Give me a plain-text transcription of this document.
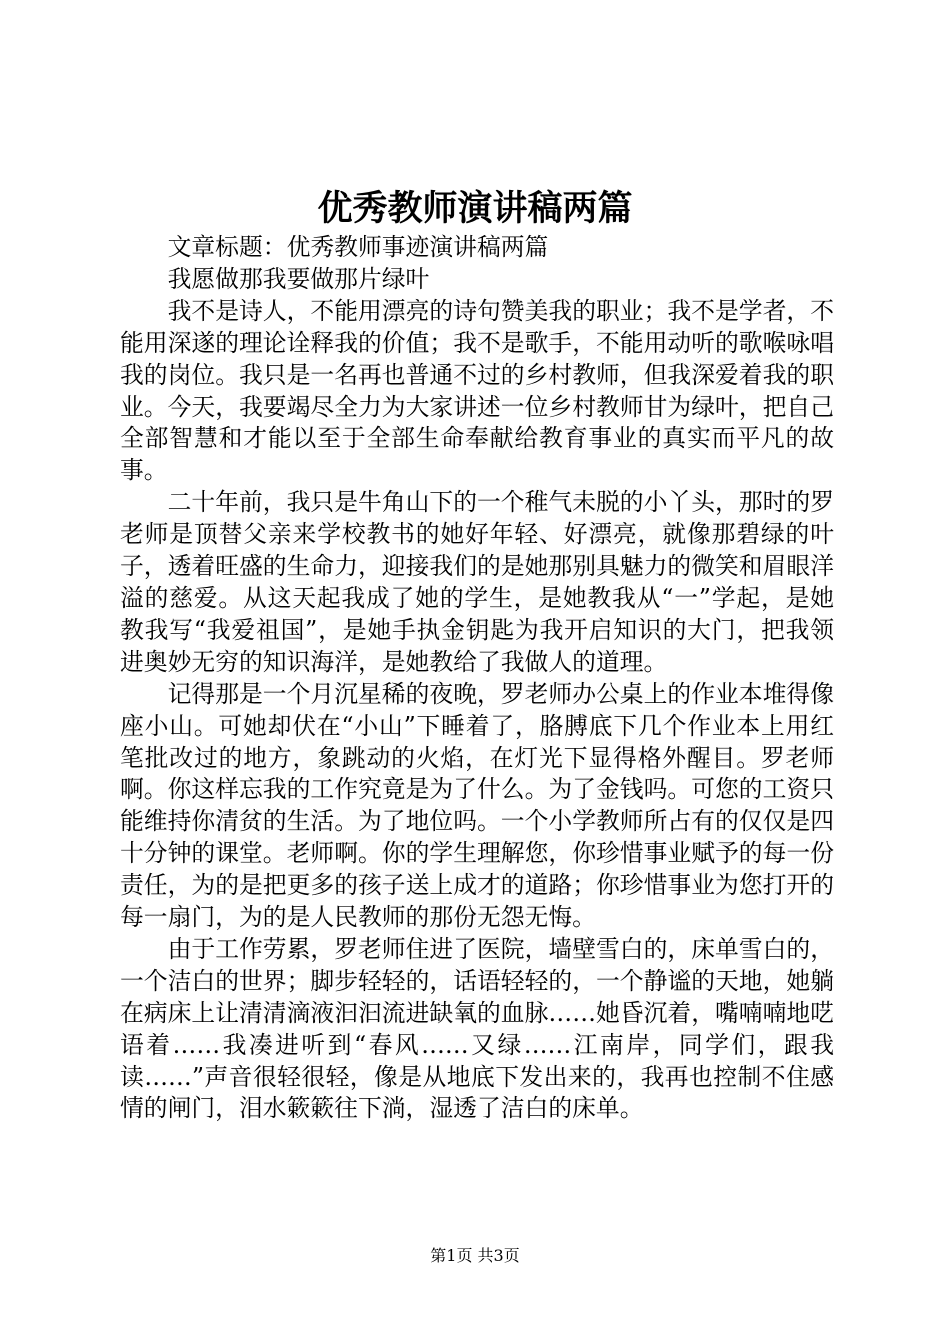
优秀教师演讲稿两篇

文章标题：优秀教师事迹演讲稿两篇

我愿做那我要做那片绿叶

我不是诗人，不能用漂亮的诗句赞美我的职业；我不是学者，不能用深遂的理论诠释我的价值；我不是歌手，不能用动听的歌喉咏唱我的岗位。我只是一名再也普通不过的乡村教师，但我深爱着我的职业。今天，我要竭尽全力为大家讲述一位乡村教师甘为绿叶，把自己全部智慧和才能以至于全部生命奉献给教育事业的真实而平凡的故事。

二十年前，我只是牛角山下的一个稚气未脱的小丫头，那时的罗老师是顶替父亲来学校教书的她好年轻、好漂亮，就像那碧绿的叶子，透着旺盛的生命力，迎接我们的是她那别具魅力的微笑和眉眼洋溢的慈爱。从这天起我成了她的学生，是她教我从“一”学起，是她教我写“我爱祖国”，是她手执金钥匙为我开启知识的大门，把我领进奥妙无穷的知识海洋，是她教给了我做人的道理。

记得那是一个月沉星稀的夜晚，罗老师办公桌上的作业本堆得像座小山。可她却伏在“小山”下睡着了，胳膊底下几个作业本上用红笔批改过的地方，象跳动的火焰，在灯光下显得格外醒目。罗老师啊。你这样忘我的工作究竟是为了什么。为了金钱吗。可您的工资只能维持你清贫的生活。为了地位吗。一个小学教师所占有的仅仅是四十分钟的课堂。老师啊。你的学生理解您，你珍惜事业赋予的每一份责任，为的是把更多的孩子送上成才的道路；你珍惜事业为您打开的每一扇门，为的是人民教师的那份无怨无悔。

由于工作劳累，罗老师住进了医院，墙壁雪白的，床单雪白的，一个洁白的世界；脚步轻轻的，话语轻轻的，一个静谧的天地，她躺在病床上让清清滴液汩汩流进缺氧的血脉……她昏沉着，嘴喃喃地呓语着……我凑进听到“春风……又绿……江南岸，同学们，跟我读……”声音很轻很轻，像是从地底下发出来的，我再也控制不住感情的闸门，泪水簌簌往下淌，湿透了洁白的床单。

第1页 共3页
